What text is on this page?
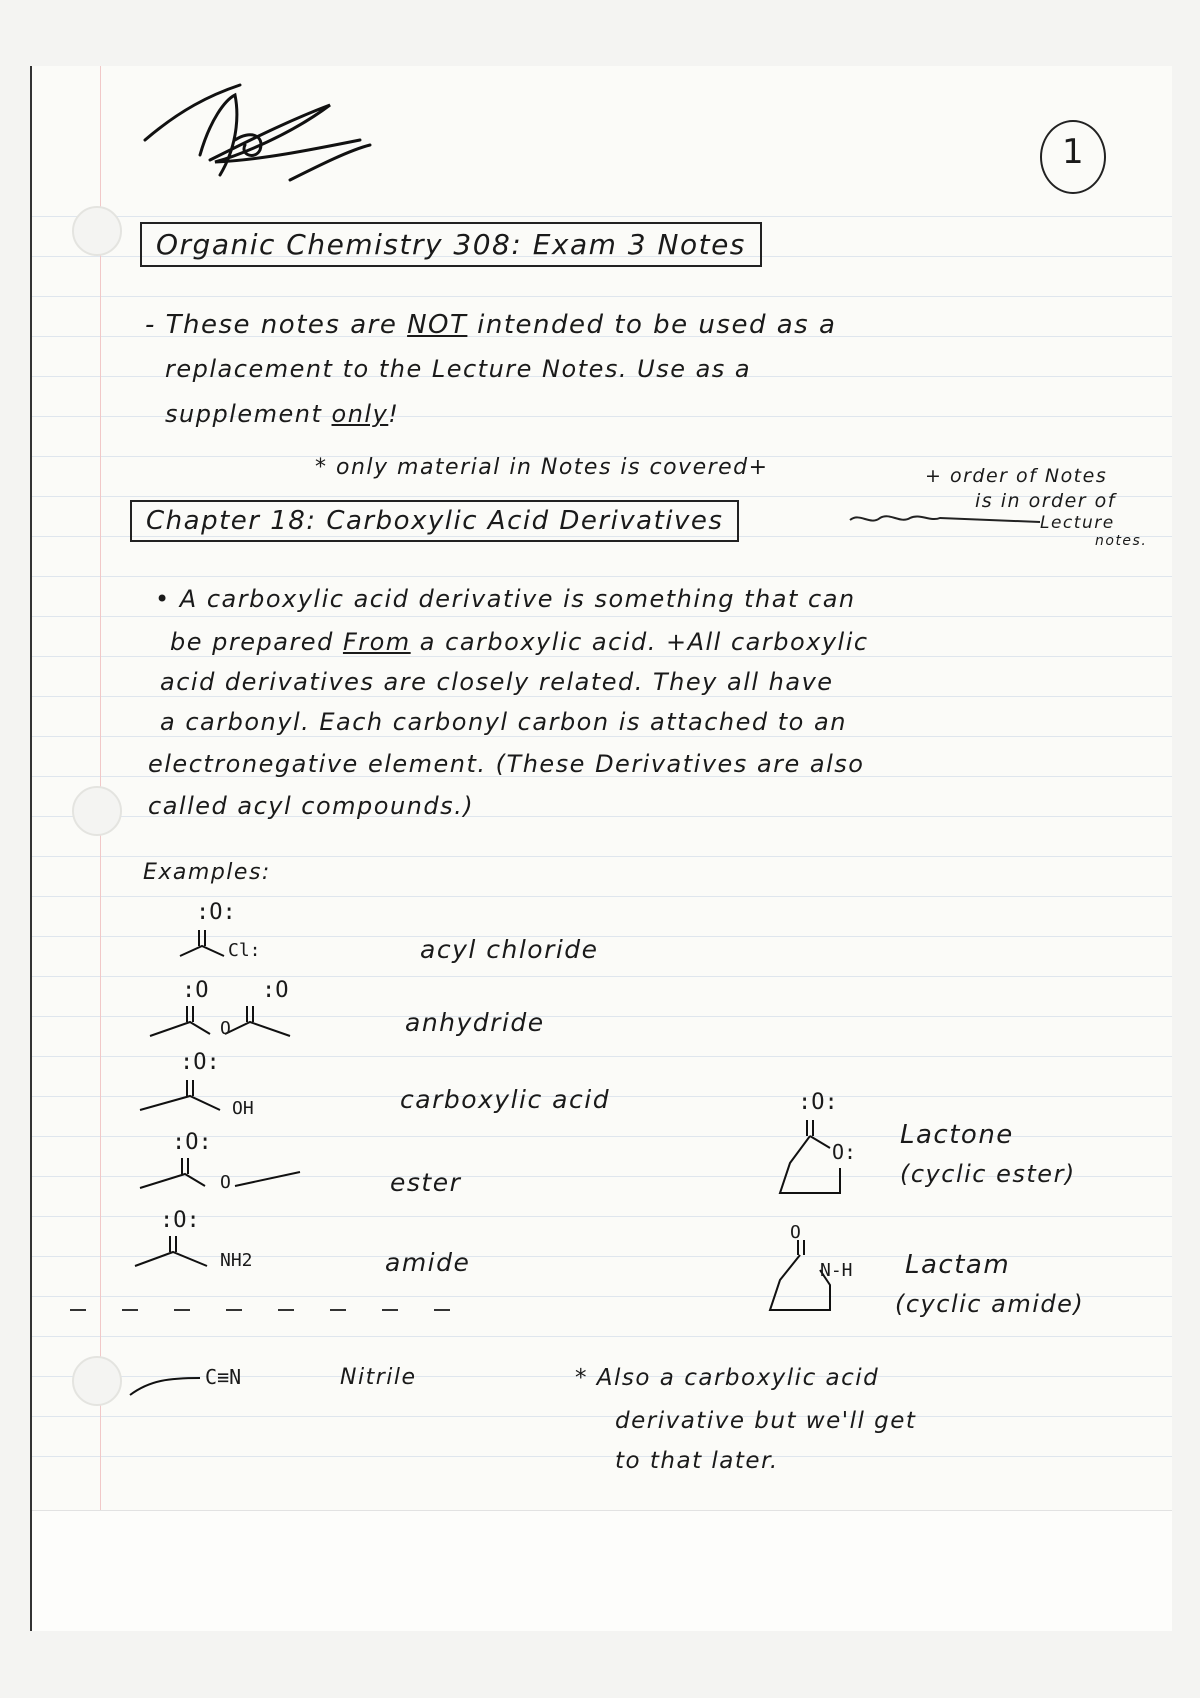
1
Organic Chemistry 308: Exam 3 Notes
- These notes are NOT intended to be used as a
replacement to the Lecture Notes. Use as a
supplement only!
* only material in Notes is covered+	+ order of Notes
is in order of
Lecture
notes.
Chapter 18: Carboxylic Acid Derivatives
• A carboxylic acid derivative is something that can
be prepared From a carboxylic acid. +All carboxylic
acid derivatives are closely related. They all have
a carbonyl. Each carbonyl carbon is attached to an
electronegative element. (These Derivatives are also
called acyl compounds.)
Examples:
:O:
Cl:	acyl chloride
:O :O
O	anhydride
:O:
OH	carboxylic acid
:O:
O	ester
:O:
NH2	amide
C≡N	Nitrile
:O:
O:
Lactone
(cyclic ester)
O
N-H Lactam
(cyclic amide)
* Also a carboxylic acid
derivative but we'll get
to that later.
